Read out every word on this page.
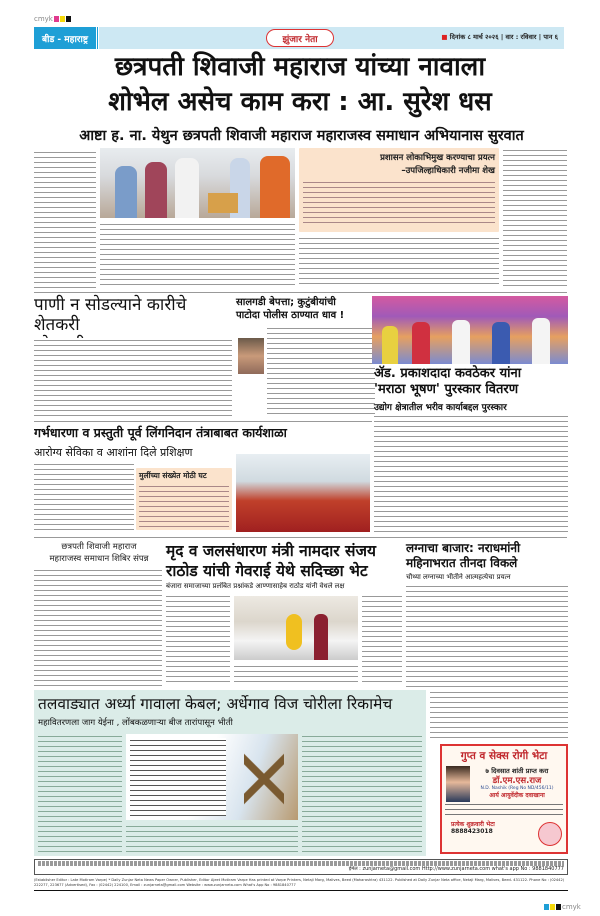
cmyk
बीड - महाराष्ट्र	झुंजार नेता	■ दिनांक ८ मार्च २०२६ | वार : रविवार | पान ६
छत्रपती शिवाजी महाराज यांच्या नावाला
शोभेल असेच काम करा : आ. सुरेश धस
आष्टा ह. ना. येथुन छत्रपती शिवाजी महाराज महाराजस्व समाधान अभियानास सुरवात
प्रशासन लोकाभिमुख करण्याचा प्रयत्न
–उपजिल्हाधिकारी नजीमा शेख
पाणी न सोडल्याने कारीचे शेतकरी
सालगडी बेपत्ता; कुटुंबीयांची
पाटोदा पोलीस ठाण्यात धाव !
ॲड. प्रकाशदादा कवठेकर यांना
'मराठा भूषण' पुरस्कार वितरण
उद्योग क्षेत्रातील भरीव कार्याबद्दल पुरस्कार
गर्भधारणा व प्रस्तुती पूर्व लिंगनिदान तंत्राबाबत कार्यशाळा
आरोग्य सेविका व आशांना दिले प्रशिक्षण
मुलींच्या संख्येत मोठी घट
छत्रपती शिवाजी महाराज
महाराजस्व समाधान शिबिर संपन्न	मृद व जलसंधारण मंत्री नामदार संजय
राठोड यांची गेवराई येथे सदिच्छा भेट
बंजारा समाजाच्या प्रलंबित प्रश्नांकडे आण्णासाहेब राठोड यांनी वेधले लक्ष
लग्नाचा बाजार: नराधमांनी
महिनाभरात तीनदा विकले
चौथ्या लग्नाच्या भीतीने आत्महत्येचा प्रयत्न
तलवाड्यात अर्ध्या गावाला केबल; अर्धेगाव विज चोरीला रिकामेच
महावितरणला जाग येईना , लोंबकळणाऱ्या बीज तारांपासून भीती
गुप्त व सेक्स रोगी भेटा
७ दिवसात शांती प्राप्त करा
डॉ.एम.एस.राज
N.D. Nashik (Reg No ND/456/11)
आर्य आयुर्वेदीक दवाखाना
प्रत्येक शुक्रवारी भेटा
8888423018
ईमेल : zunjarneta@gmail.com Http://www.zunjarneta.com what's app No : 9881840777
(Establisher Editor : Late Motiram Varpe) * Daily Zunjar Neta News Paper Owner, Publisher, Editor Ajeet Motiram Varpe Has printed at Varpe Printers, Netaji Marg, Malives, Beed (Maharashtra) 431122. Published at Daily Zunjar Neta office, Netaji Marg, Malives, Beed- 431122. Phone No : (02442) 222277, 223677 (Advertised), Fax : (02442) 224100, Email : zunjarneta@gmail.com Website : www.zunjarneta.com What's App No : 9881840777
cmyk
